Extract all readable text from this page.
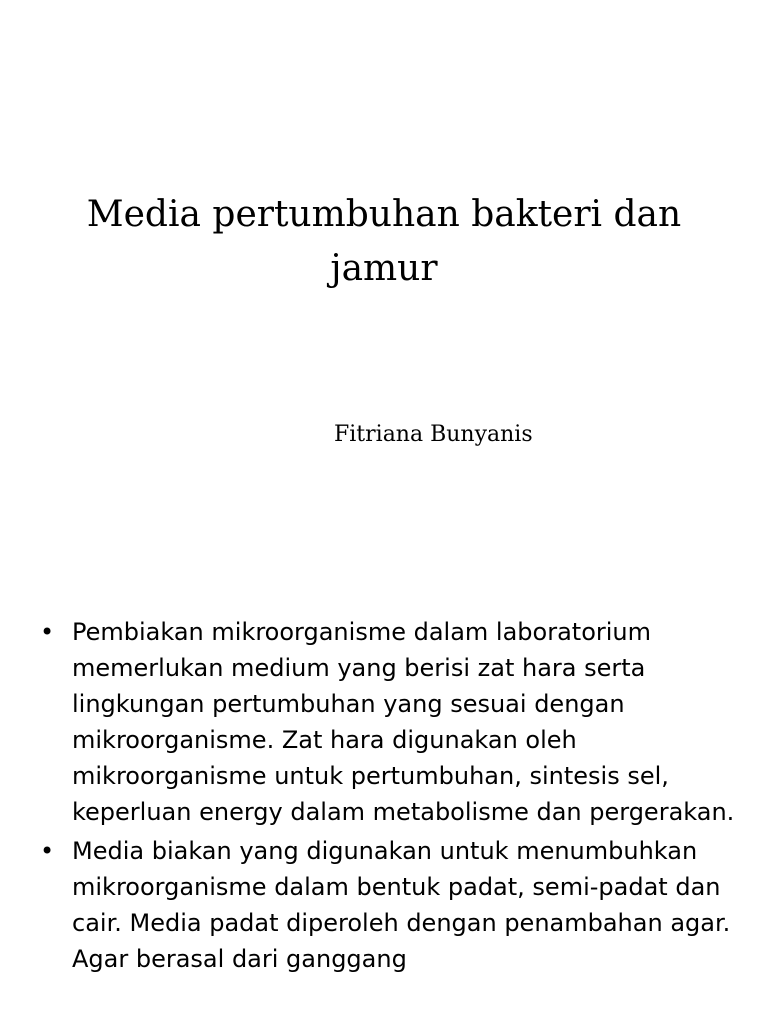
Media pertumbuhan bakteri dan jamur

Fitriana Bunyanis

• Pembiakan mikroorganisme dalam laboratorium memerlukan medium yang berisi zat hara serta lingkungan pertumbuhan yang sesuai dengan mikroorganisme. Zat hara digunakan oleh mikroorganisme untuk pertumbuhan, sintesis sel, keperluan energy dalam metabolisme dan pergerakan.
• Media biakan yang digunakan untuk menumbuhkan mikroorganisme dalam bentuk padat, semi-padat dan cair. Media padat diperoleh dengan penambahan agar. Agar berasal dari ganggang
